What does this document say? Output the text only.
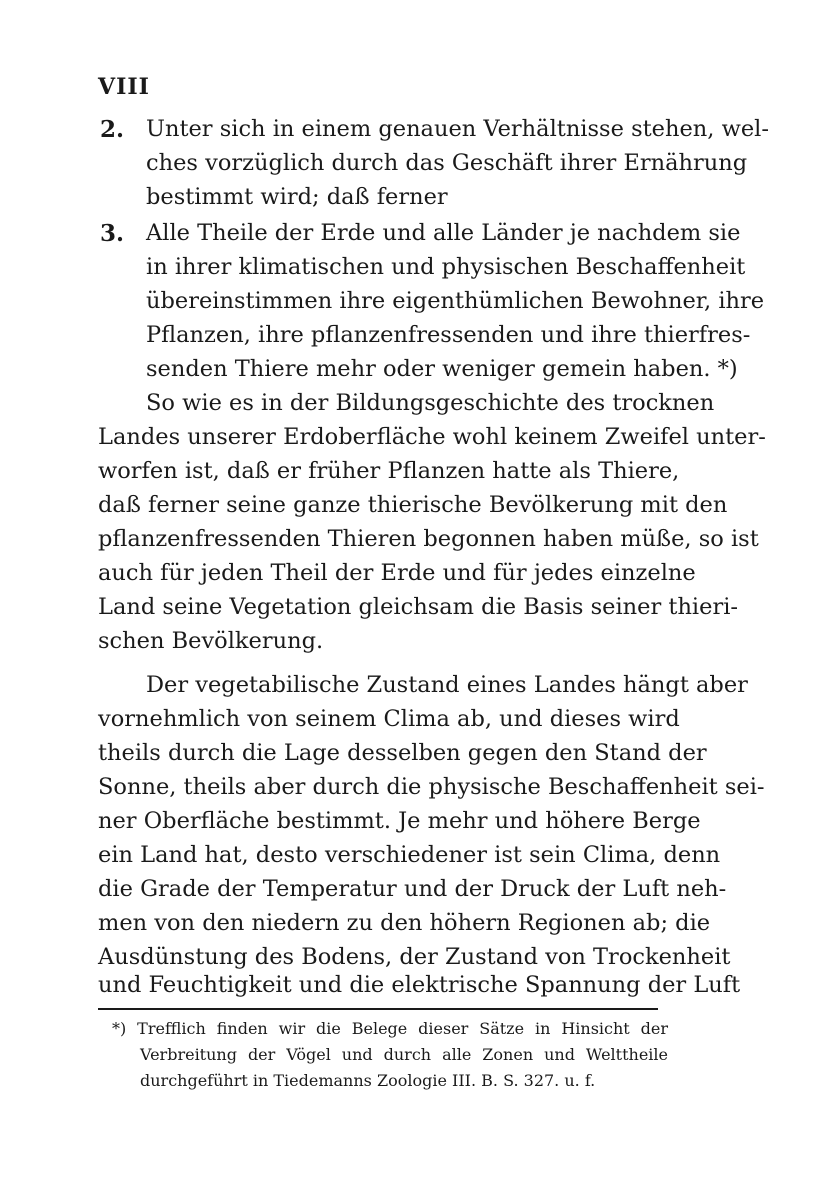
VIII
2. Unter sich in einem genauen Verhältnisse stehen, wel-
ches vorzüglich durch das Geschäft ihrer Ernährung
bestimmt wird; daß ferner
3. Alle Theile der Erde und alle Länder je nachdem sie
in ihrer klimatischen und physischen Beschaffenheit
übereinstimmen ihre eigenthümlichen Bewohner, ihre
Pflanzen, ihre pflanzenfressenden und ihre thierfres-
senden Thiere mehr oder weniger gemein haben. *)
So wie es in der Bildungsgeschichte des trocknen
Landes unserer Erdoberfläche wohl keinem Zweifel unter-
worfen ist, daß er früher Pflanzen hatte als Thiere,
daß ferner seine ganze thierische Bevölkerung mit den
pflanzenfressenden Thieren begonnen haben müße, so ist
auch für jeden Theil der Erde und für jedes einzelne
Land seine Vegetation gleichsam die Basis seiner thieri-
schen Bevölkerung.
Der vegetabilische Zustand eines Landes hängt aber
vornehmlich von seinem Clima ab, und dieses wird
theils durch die Lage desselben gegen den Stand der
Sonne, theils aber durch die physische Beschaffenheit sei-
ner Oberfläche bestimmt. Je mehr und höhere Berge
ein Land hat, desto verschiedener ist sein Clima, denn
die Grade der Temperatur und der Druck der Luft neh-
men von den niedern zu den höhern Regionen ab; die
Ausdünstung des Bodens, der Zustand von Trockenheit
und Feuchtigkeit und die elektrische Spannung der Luft
*) Trefflich finden wir die Belege dieser Sätze in Hinsicht der
Verbreitung der Vögel und durch alle Zonen und Welttheile
durchgeführt in Tiedemanns Zoologie III. B. S. 327. u. f.
